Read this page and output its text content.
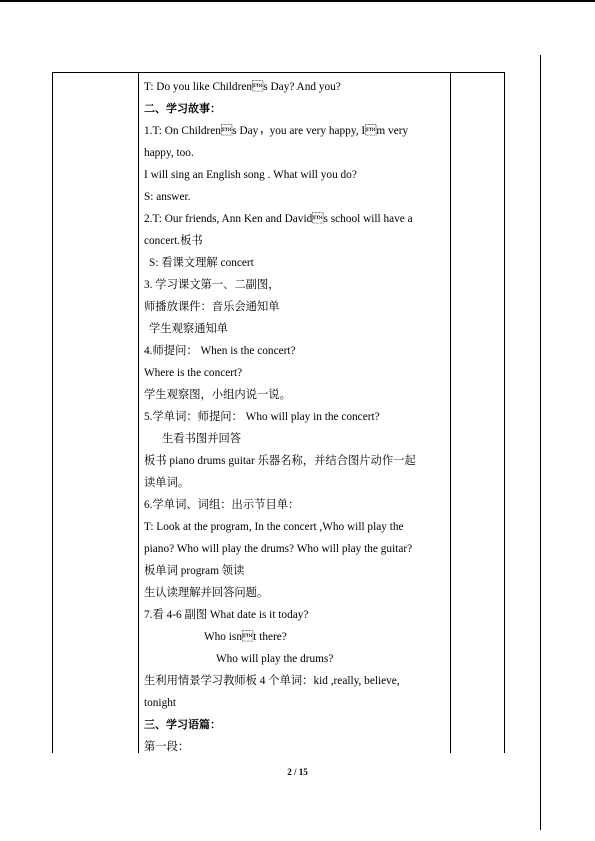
T: Do you like Childrens Day? And you?
二、学习故事：
1.T: On Childrens Day，you are very happy, Im very
happy, too.
I will sing an English song . What will you do?
S: answer.
2.T: Our friends, Ann Ken and Davids school will have a
concert.板书
S: 看课文理解 concert
3. 学习课文第一、二副图，
师播放课件：音乐会通知单
学生观察通知单
4.师提问： When is the concert?
Where is the concert?
学生观察图，小组内说一说。
5.学单词：师提问： Who will play in the concert?
生看书图并回答
板书 piano drums guitar 乐器名称，并结合图片动作一起
读单词。
6.学单词、词组：出示节目单：
T: Look at the program, In the concert ,Who will play the
piano? Who will play the drums? Who will play the guitar?
板单词 program 领读
生认读理解并回答问题。
7.看 4-6 副图 What date is it today?
Who isnt there?
Who will play the drums?
生利用情景学习教师板 4 个单词：kid ,really, believe,
tonight
三、学习语篇：
第一段：
2 / 15
